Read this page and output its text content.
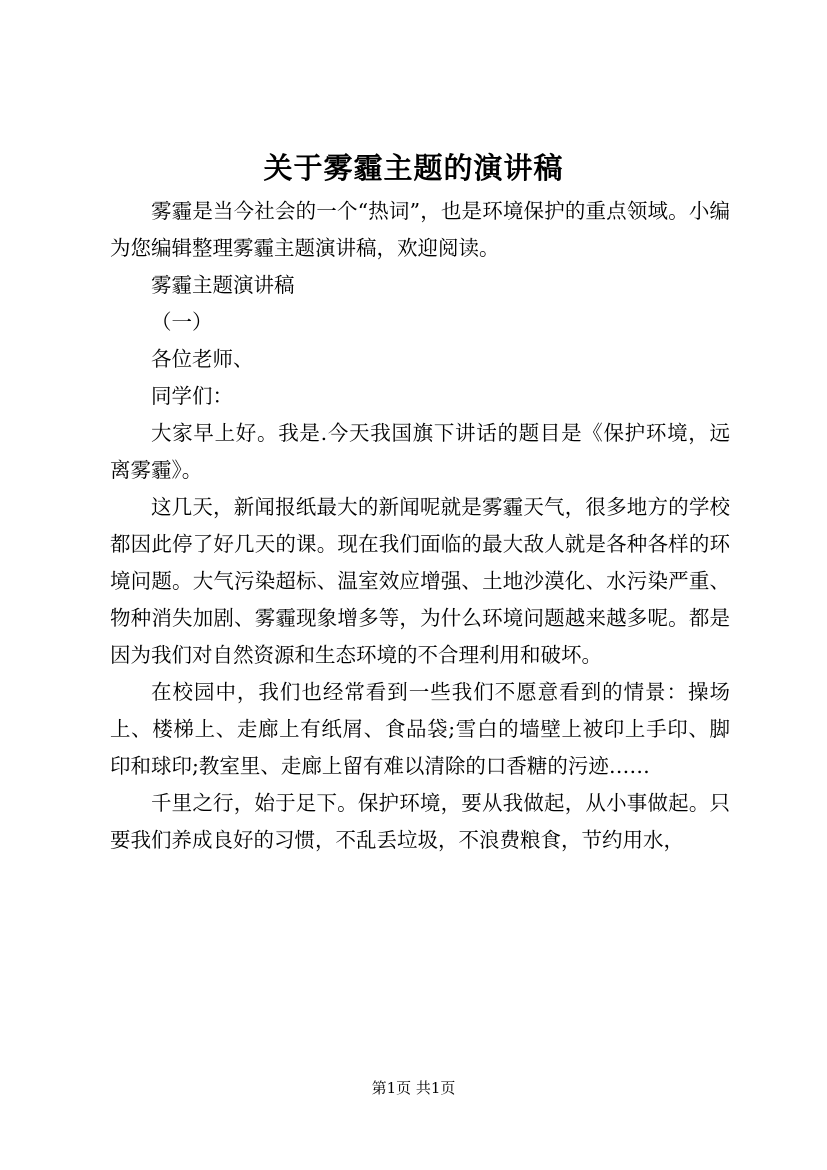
关于雾霾主题的演讲稿

雾霾是当今社会的一个“热词”，也是环境保护的重点领域。小编为您编辑整理雾霾主题演讲稿，欢迎阅读。

雾霾主题演讲稿

（一）

各位老师、

同学们：

大家早上好。我是.今天我国旗下讲话的题目是《保护环境，远离雾霾》。

这几天，新闻报纸最大的新闻呢就是雾霾天气，很多地方的学校都因此停了好几天的课。现在我们面临的最大敌人就是各种各样的环境问题。大气污染超标、温室效应增强、土地沙漠化、水污染严重、物种消失加剧、雾霾现象增多等，为什么环境问题越来越多呢。都是因为我们对自然资源和生态环境的不合理利用和破坏。

在校园中，我们也经常看到一些我们不愿意看到的情景：操场上、楼梯上、走廊上有纸屑、食品袋;雪白的墙壁上被印上手印、脚印和球印;教室里、走廊上留有难以清除的口香糖的污迹……

千里之行，始于足下。保护环境，要从我做起，从小事做起。只要我们养成良好的习惯，不乱丢垃圾，不浪费粮食，节约用水，

第1页 共1页
